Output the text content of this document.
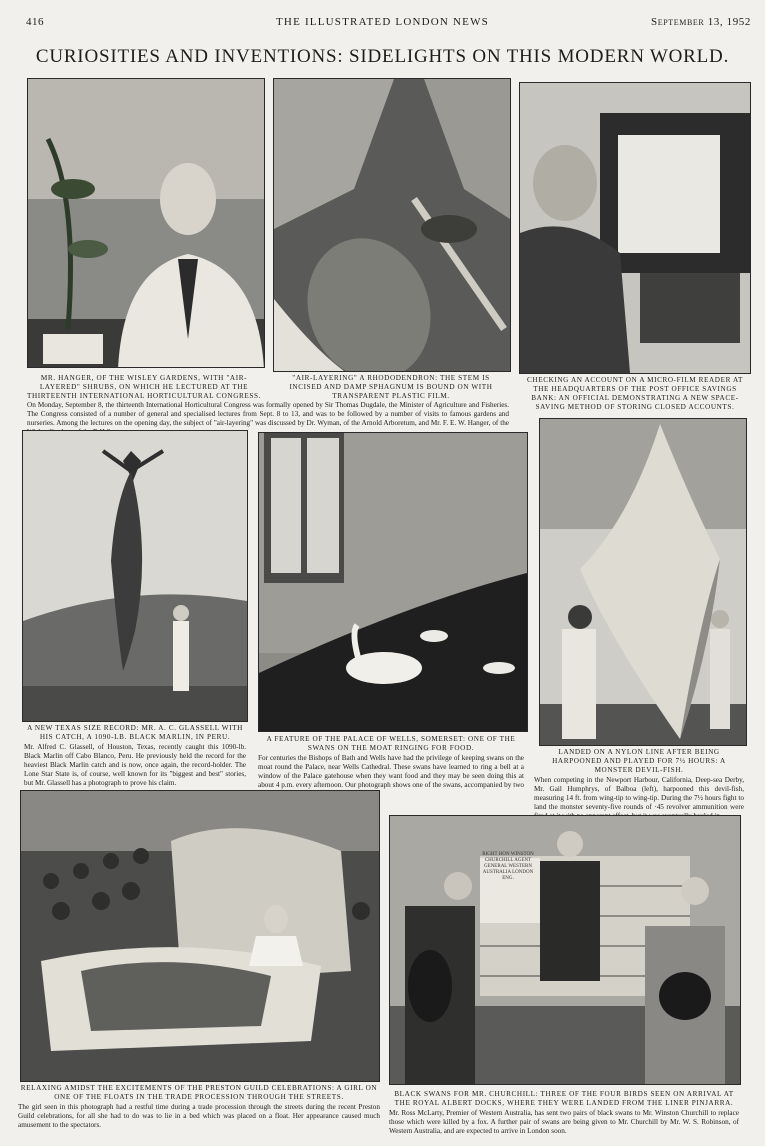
416	THE ILLUSTRATED LONDON NEWS	September 13, 1952
CURIOSITIES AND INVENTIONS: SIDELIGHTS ON THIS MODERN WORLD.
MR. HANGER, OF THE WISLEY GARDENS, WITH "AIR-LAYERED" SHRUBS, ON WHICH HE LECTURED AT THE THIRTEENTH INTERNATIONAL HORTICULTURAL CONGRESS.
"AIR-LAYERING" A RHODODENDRON: THE STEM IS INCISED AND DAMP SPHAGNUM IS BOUND ON WITH TRANSPARENT PLASTIC FILM.
On Monday, September 8, the thirteenth International Horticultural Congress was formally opened by Sir Thomas Dugdale, the Minister of Agriculture and Fisheries. The Congress consisted of a number of general and specialised lectures from Sept. 8 to 13, and was to be followed by a number of visits to famous gardens and nurseries. Among the lectures on the opening day, the subject of "air-layering" was discussed by Dr. Wyman, of the Arnold Arboretum, and Mr. F. E. W. Hanger, of the
CHECKING AN ACCOUNT ON A MICRO-FILM READER AT THE HEADQUARTERS OF THE POST OFFICE SAVINGS BANK: AN OFFICIAL DEMONSTRATING A NEW SPACE-SAVING METHOD OF STORING CLOSED ACCOUNTS.
A NEW TEXAS SIZE RECORD: MR. A. C. GLASSELL WITH HIS CATCH, A 1090-LB. BLACK MARLIN, IN PERU.
Mr. Alfred C. Glassell, of Houston, Texas, recently caught this 1090-lb. Black Marlin off Cabo Blanco, Peru. He previously held the record for the heaviest Black Marlin catch and is now, once again, the record-holder. The Lone Star State is, of course, well known for its "biggest and best" stories, but Mr. Glassell has a photograph to prove his claim.
A FEATURE OF THE PALACE OF WELLS, SOMERSET: ONE OF THE SWANS ON THE MOAT RINGING FOR FOOD.
For centuries the Bishops of Bath and Wells have had the privilege of keeping swans on the moat round the Palace, near Wells Cathedral. These swans have learned to ring a bell at a window of the Palace gatehouse when they want food and they may be seen doing this at about 4 p.m. every afternoon. Our photograph shows one of the swans, accompanied by two
LANDED ON A NYLON LINE AFTER BEING HARPOONED AND PLAYED FOR 7½ HOURS: A MONSTER DEVIL-FISH.
When competing in the Newport Harbour, California, Deep-sea Derby, Mr. Gail Humphrys, of Balboa (left), harpooned this devil-fish, measuring 14 ft. from wing-tip to wing-tip. During the 7½ hours fight to land the monster seventy-five rounds of ·45 revolver ammunition were
RIGHT HON WINSTON CHURCHILL AGENT GENERAL WESTERN AUSTRALIA LONDON ENG.
RELAXING AMIDST THE EXCITEMENTS OF THE PRESTON GUILD CELEBRATIONS: A GIRL ON ONE OF THE FLOATS IN THE TRADE PROCESSION THROUGH THE STREETS.
The girl seen in this photograph had a restful time during a trade procession through the streets during the recent Preston Guild celebrations, for all she had to do was to lie in a bed which was placed on a float. Her appearance caused much amusement to the spectators.
BLACK SWANS FOR MR. CHURCHILL: THREE OF THE FOUR BIRDS SEEN ON ARRIVAL AT THE ROYAL ALBERT DOCKS, WHERE THEY WERE LANDED FROM THE LINER PINJARRA.
Mr. Ross McLarty, Premier of Western Australia, has sent two pairs of black swans to Mr. Winston Churchill to replace those which were killed by a fox. A further pair of swans are being given to Mr. Churchill by Mr. W. S. Robinson, of Western Australia, and are expected to arrive in London soon.
